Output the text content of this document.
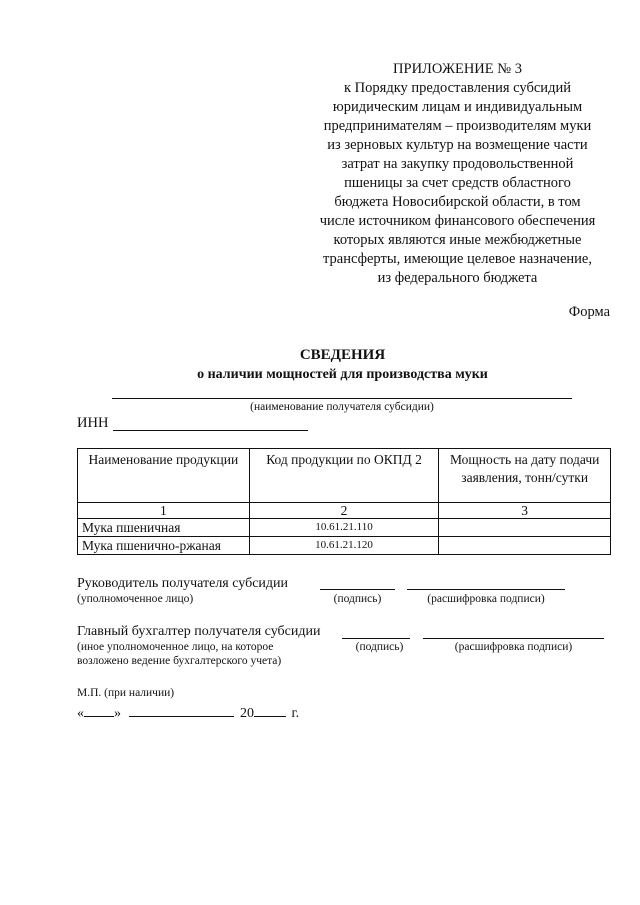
ПРИЛОЖЕНИЕ № 3
к Порядку предоставления субсидий
юридическим лицам и индивидуальным
предпринимателям – производителям муки
из зерновых культур на возмещение части
затрат на закупку продовольственной
пшеницы за счет средств областного
бюджета Новосибирской области, в том
числе источником финансового обеспечения
которых являются иные межбюджетные
трансферты, имеющие целевое назначение,
из федерального бюджета
Форма
СВЕДЕНИЯ
о наличии мощностей для производства муки
(наименование получателя субсидии)
ИНН
Наименование продукции	Код продукции по ОКПД 2	Мощность на дату подачи заявления, тонн/сутки
1	2	3
Мука пшеничная	10.61.21.110	
Мука пшенично-ржаная	10.61.21.120	
Руководитель получателя субсидии
(уполномоченное лицо)	(подпись)	(расшифровка подписи)
Главный бухгалтер получателя субсидии
(иное уполномоченное лицо, на которое	(подпись)	(расшифровка подписи)
возложено ведение бухгалтерского учета)
М.П. (при наличии)
« »	20	г.
